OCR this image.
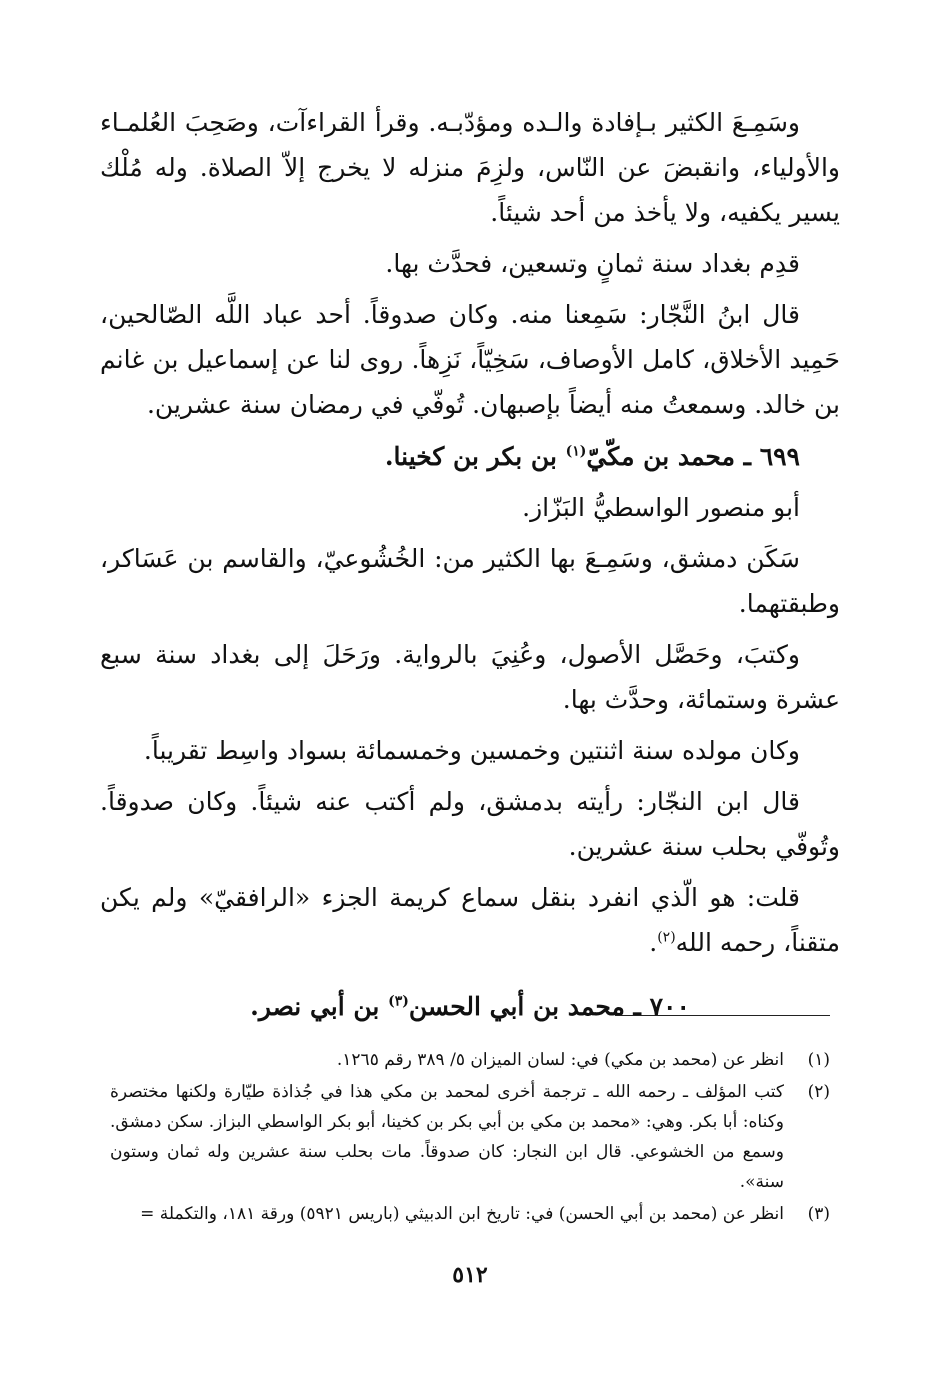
وسَمِـعَ الكثير بـإفادة والـده ومؤدّبـه. وقرأ القراءآت، وصَحِبَ العُلمـاء والأولياء، وانقبضَ عن النّاس، ولزِمَ منزله لا يخرج إلاّ الصلاة. وله مُلْك يسير يكفيه، ولا يأخذ من أحد شيئاً.

قدِم بغداد سنة ثمانٍ وتسعين، فحدَّث بها.

قال ابنُ النَّجّار: سَمِعنا منه. وكان صدوقاً. أحد عباد اللَّه الصّالحين، حَمِيد الأخلاق، كامل الأوصاف، سَخِيّاً، نَزِهاً. روى لنا عن إسماعيل بن غانم بن خالد. وسمعتُ منه أيضاً بإصبهان. تُوفّي في رمضان سنة عشرين.

٦٩٩ ـ محمد بن مكّيّ$^{(١)}$ بن بكر بن كخينا.

أبو منصور الواسطيُّ البَزّاز.

سَكَن دمشق، وسَمِـعَ بها الكثير من: الخُشُوعيّ، والقاسم بن عَسَاكر، وطبقتهما.

وكتبَ، وحَصَّل الأصول، وعُنِيَ بالرواية. ورَحَلَ إلى بغداد سنة سبع عشرة وستمائة، وحدَّث بها.

وكان مولده سنة اثنتين وخمسين وخمسمائة بسواد واسِط تقريباً.

قال ابن النجّار: رأيته بدمشق، ولم أكتب عنه شيئاً. وكان صدوقاً. وتُوفّي بحلب سنة عشرين.

قلت: هو الّذي انفرد بنقل سماع كريمة الجزء «الرافقيّ» ولم يكن متقناً، رحمه الله$^{(٢)}$.

٧٠٠ ـ محمد بن أبي الحسن$^{(٣)}$ بن أبي نصر.

(١)
انظر عن (محمد بن مكي) في: لسان الميزان ٥/ ٣٨٩ رقم ١٢٦٥.
(٢)
كتب المؤلف ـ رحمه الله ـ ترجمة أخرى لمحمد بن مكي هذا في جُذاذة طيّارة ولكنها مختصرة وكناه: أبا بكر. وهي: «محمد بن مكي بن أبي بكر بن كخينا، أبو بكر الواسطي البزاز. سكن دمشق. وسمع من الخشوعي. قال ابن النجار: كان صدوقاً. مات بحلب سنة عشرين وله ثمان وستون سنة».
(٣)
انظر عن (محمد بن أبي الحسن) في: تاريخ ابن الدبيثي (باريس ٥٩٢١) ورقة ١٨١، والتكملة =
٥١٢
